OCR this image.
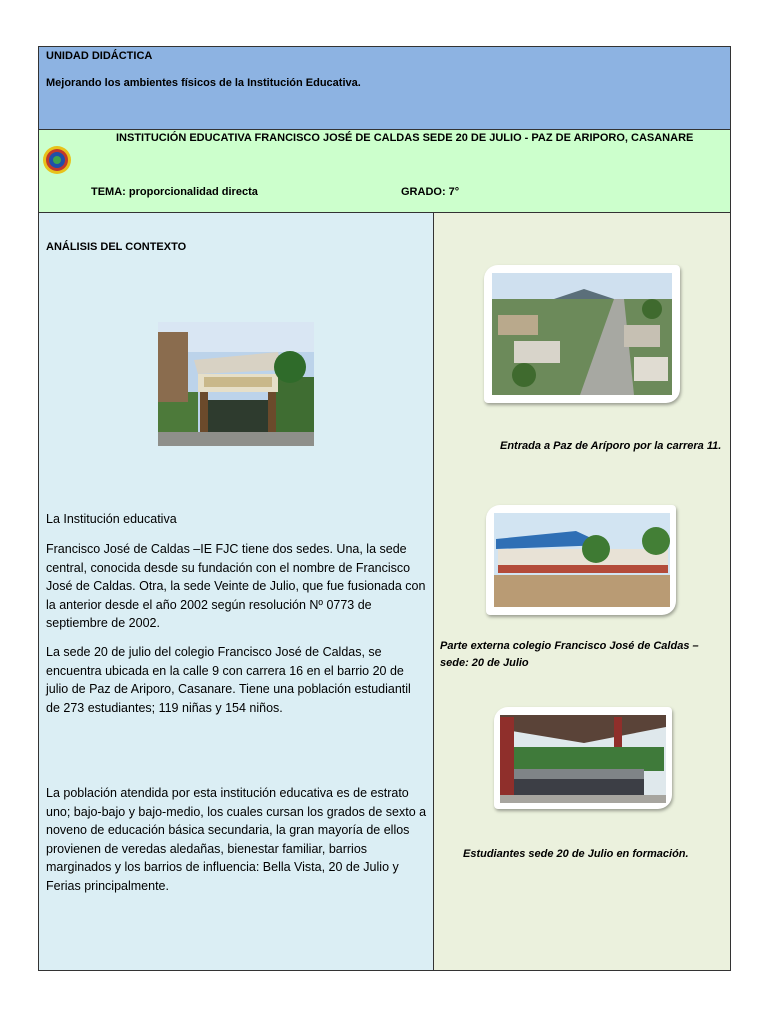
UNIDAD DIDÁCTICA
Mejorando los ambientes físicos de la Institución Educativa.
INSTITUCIÓN EDUCATIVA FRANCISCO JOSÉ DE CALDAS SEDE 20 DE JULIO - PAZ DE ARIPORO, CASANARE
TEMA: proporcionalidad directa	GRADO: 7°
ANÁLISIS DEL CONTEXTO
La Institución educativa
Francisco José de Caldas –IE FJC tiene dos sedes. Una, la sede central, conocida desde su fundación con el nombre de Francisco José de Caldas. Otra, la sede Veinte de Julio, que fue fusionada con la anterior desde el año 2002 según resolución Nº 0773 de septiembre de 2002.
La sede 20 de julio del colegio Francisco José de Caldas, se encuentra ubicada en la calle 9 con carrera 16 en el barrio 20 de julio de Paz de Ariporo, Casanare. Tiene una población estudiantil de 273 estudiantes; 119 niñas y 154 niños.
La población atendida por esta institución educativa es de estrato uno; bajo-bajo y bajo-medio, los cuales cursan los grados de sexto a noveno de educación básica secundaria, la gran mayoría de ellos provienen de veredas aledañas, bienestar familiar, barrios marginados y los barrios de influencia: Bella Vista, 20 de Julio y Ferias principalmente.
Entrada a Paz de Aríporo por la carrera 11.
Parte externa colegio Francisco José de Caldas – sede: 20 de Julio
Estudiantes sede 20 de Julio en formación.
